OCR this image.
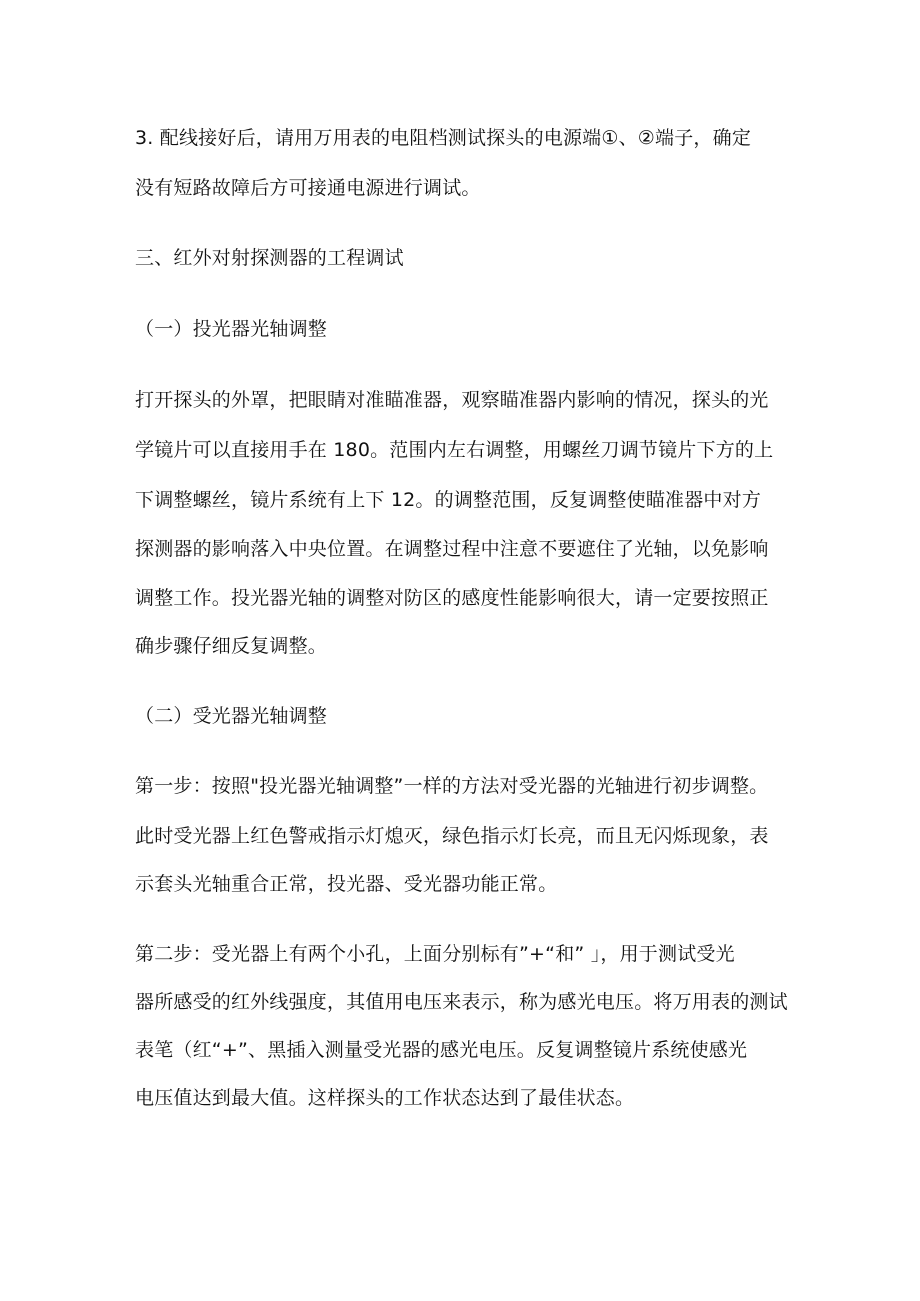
3. 配线接好后，请用万用表的电阻档测试探头的电源端①、②端子，确定
没有短路故障后方可接通电源进行调试。
三、红外对射探测器的工程调试
（一）投光器光轴调整
打开探头的外罩，把眼睛对准瞄准器，观察瞄准器内影响的情况，探头的光
学镜片可以直接用手在 180。范围内左右调整，用螺丝刀调节镜片下方的上
下调整螺丝，镜片系统有上下 12。的调整范围，反复调整使瞄准器中对方
探测器的影响落入中央位置。在调整过程中注意不要遮住了光轴，以免影响
调整工作。投光器光轴的调整对防区的感度性能影响很大，请一定要按照正
确步骤仔细反复调整。
（二）受光器光轴调整
第一步：按照"投光器光轴调整”一样的方法对受光器的光轴进行初步调整。
此时受光器上红色警戒指示灯熄灭，绿色指示灯长亮，而且无闪烁现象，表
示套头光轴重合正常，投光器、受光器功能正常。
第二步：受光器上有两个小孔，上面分别标有”+“和” 」，用于测试受光
器所感受的红外线强度，其值用电压来表示，称为感光电压。将万用表的测试
表笔（红“+”、黑插入测量受光器的感光电压。反复调整镜片系统使感光
电压值达到最大值。这样探头的工作状态达到了最佳状态。
